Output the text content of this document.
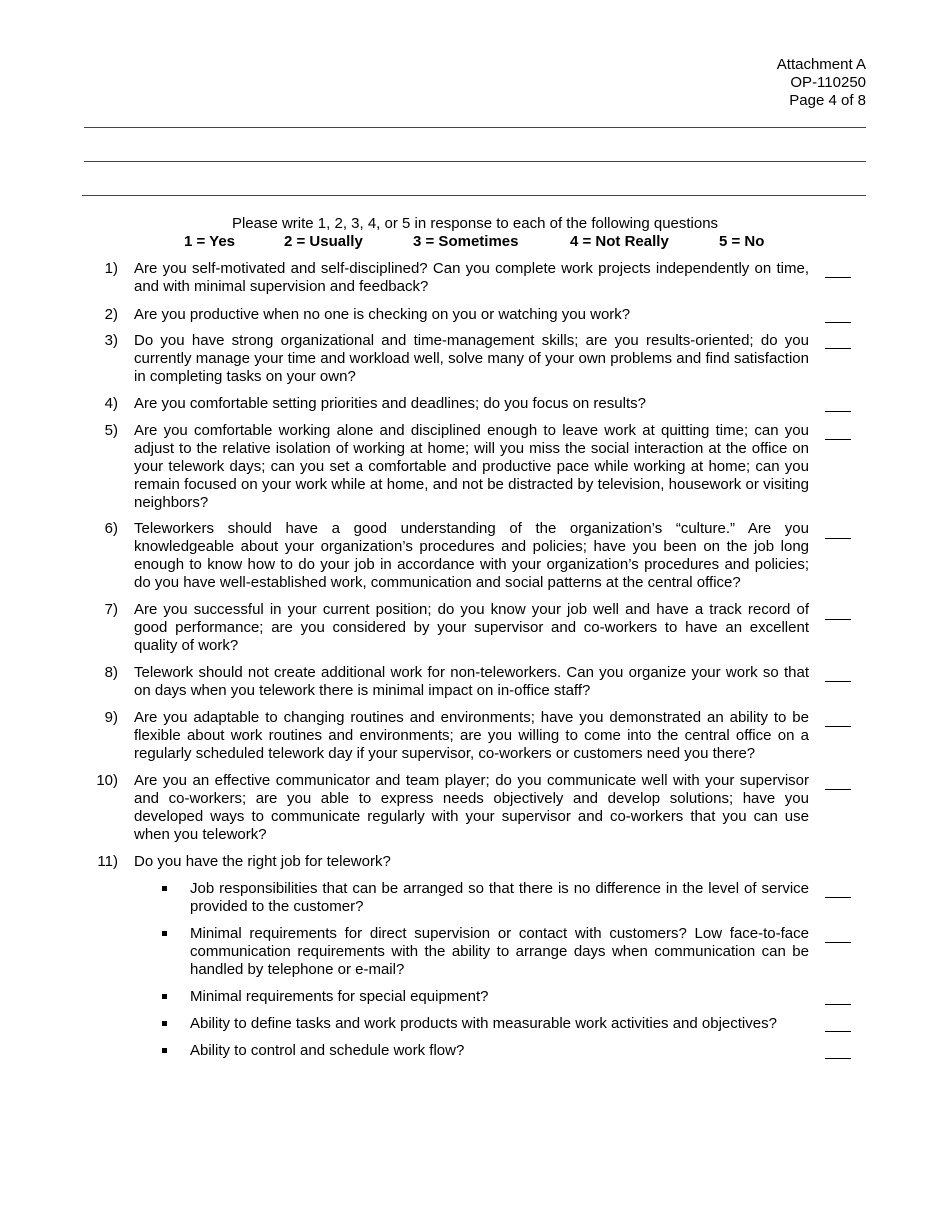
Attachment A
OP-110250
Page 4 of 8
Please write 1, 2, 3, 4, or 5 in response to each of the following questions
1 = Yes	2 = Usually	3 = Sometimes	4 = Not Really	5 = No
1) Are you self-motivated and self-disciplined? Can you complete work projects independently on time, and with minimal supervision and feedback?
2) Are you productive when no one is checking on you or watching you work?
3) Do you have strong organizational and time-management skills; are you results-oriented; do you currently manage your time and workload well, solve many of your own problems and find satisfaction in completing tasks on your own?
4) Are you comfortable setting priorities and deadlines; do you focus on results?
5) Are you comfortable working alone and disciplined enough to leave work at quitting time; can you adjust to the relative isolation of working at home; will you miss the social interaction at the office on your telework days; can you set a comfortable and productive pace while working at home; can you remain focused on your work while at home, and not be distracted by television, housework or visiting neighbors?
6) Teleworkers should have a good understanding of the organization’s “culture.” Are you knowledgeable about your organization’s procedures and policies; have you been on the job long enough to know how to do your job in accordance with your organization’s procedures and policies; do you have well-established work, communication and social patterns at the central office?
7) Are you successful in your current position; do you know your job well and have a track record of good performance; are you considered by your supervisor and co-workers to have an excellent quality of work?
8) Telework should not create additional work for non-teleworkers. Can you organize your work so that on days when you telework there is minimal impact on in-office staff?
9) Are you adaptable to changing routines and environments; have you demonstrated an ability to be flexible about work routines and environments; are you willing to come into the central office on a regularly scheduled telework day if your supervisor, co-workers or customers need you there?
10) Are you an effective communicator and team player; do you communicate well with your supervisor and co-workers; are you able to express needs objectively and develop solutions; have you developed ways to communicate regularly with your supervisor and co-workers that you can use when you telework?
11) Do you have the right job for telework?
Job responsibilities that can be arranged so that there is no difference in the level of service provided to the customer?
Minimal requirements for direct supervision or contact with customers? Low face-to-face communication requirements with the ability to arrange days when communication can be handled by telephone or e-mail?
Minimal requirements for special equipment?
Ability to define tasks and work products with measurable work activities and objectives?
Ability to control and schedule work flow?
